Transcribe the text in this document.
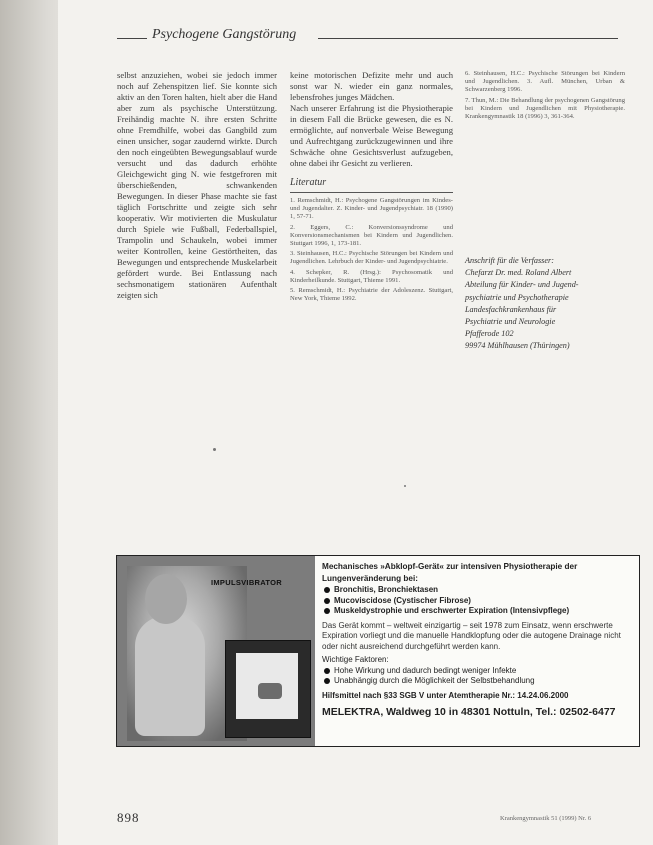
Psychogene Gangstörung

selbst anzuziehen, wobei sie jedoch immer noch auf Zehenspitzen lief. Sie konnte sich aktiv an den Toren halten, hielt aber die Hand aber zum als psychische Unterstützung. Freihändig machte N. ihre ersten Schritte ohne Fremdhilfe, wobei das Gangbild zum einen unsicher, sogar zaudernd wirkte. Durch den noch eingeübten Bewegungsablauf wurde versucht und das dadurch erhöhte Gleichgewicht ging N. wie festgefroren mit überschießenden, schwankenden Bewegungen. In dieser Phase machte sie fast täglich Fortschritte und zeigte sich sehr kooperativ. Wir motivierten die Muskulatur durch Spiele wie Fußball, Federballspiel, Trampolin und Schaukeln, wobei immer weiter Kontrollen, keine Gestörtheiten, das Bewegungen und entsprechende Muskelarbeit gefördert wurde. Bei Entlassung nach sechsmonatigem stationären Aufenthalt zeigten sich

keine motorischen Defizite mehr und auch sonst war N. wieder ein ganz normales, lebensfrohes junges Mädchen.

Nach unserer Erfahrung ist die Physiotherapie in diesem Fall die Brücke gewesen, die es N. ermöglichte, auf nonverbale Weise Bewegung und Aufrechtgang zurückzugewinnen und ihre Schwäche ohne Gesichtsverlust aufzugeben, ohne dabei ihr Gesicht zu verlieren.

Literatur
1. Remschmidt, H.: Psychogene Gangstörungen im Kindes- und Jugendalter. Z. Kinder- und Jugendpsychiatr. 18 (1990) 1, 57-71.
2. Eggers, C.: Konversionssyndrome und Konversionsmechanismen bei Kindern und Jugendlichen. Stuttgart 1996, 1, 173-181.
3. Steinhausen, H.C.: Psychische Störungen bei Kindern und Jugendlichen. Lehrbuch der Kinder- und Jugendpsychiatrie.
4. Schepker, R. (Hrsg.): Psychosomatik und Kinderheilkunde. Stuttgart, Thieme 1991.
5. Remschmidt, H.: Psychiatrie der Adoleszenz. Stuttgart, New York, Thieme 1992.
6. Steinhausen, H.C.: Psychische Störungen bei Kindern und Jugendlichen. 3. Aufl. München, Urban & Schwarzenberg 1996.
7. Thun, M.: Die Behandlung der psychogenen Gangstörung bei Kindern und Jugendlichen mit Physiotherapie. Krankengymnastik 18 (1996) 3, 361-364.
Anschrift für die Verfasser:
Chefarzt Dr. med. Roland Albert
Abteilung für Kinder- und Jugend-
psychiatrie und Psychotherapie
Landesfachkrankenhaus für
Psychiatrie und Neurologie
Pfafferode 102
99974 Mühlhausen (Thüringen)
IMPULSVIBRATOR
Mechanisches »Abklopf-Gerät« zur intensiven Physiotherapie der
Lungenveränderung bei:
Bronchitis, Bronchiektasen
Mucoviscidose (Cystischer Fibrose)
Muskeldystrophie und erschwerter Expiration (Intensivpflege)
Das Gerät kommt – weltweit einzigartig – seit 1978 zum Einsatz, wenn erschwerte Expiration vorliegt und die manuelle Handklopfung oder die autogene Drainage nicht oder nicht ausreichend durchgeführt werden kann.
Wichtige Faktoren:
Hohe Wirkung und dadurch bedingt weniger Infekte
Unabhängig durch die Möglichkeit der Selbstbehandlung
Hilfsmittel nach §33 SGB V unter Atemtherapie Nr.: 14.24.06.2000
MELEKTRA, Waldweg 10 in 48301 Nottuln, Tel.: 02502-6477
898	Krankengymnastik 51 (1999) Nr. 6
